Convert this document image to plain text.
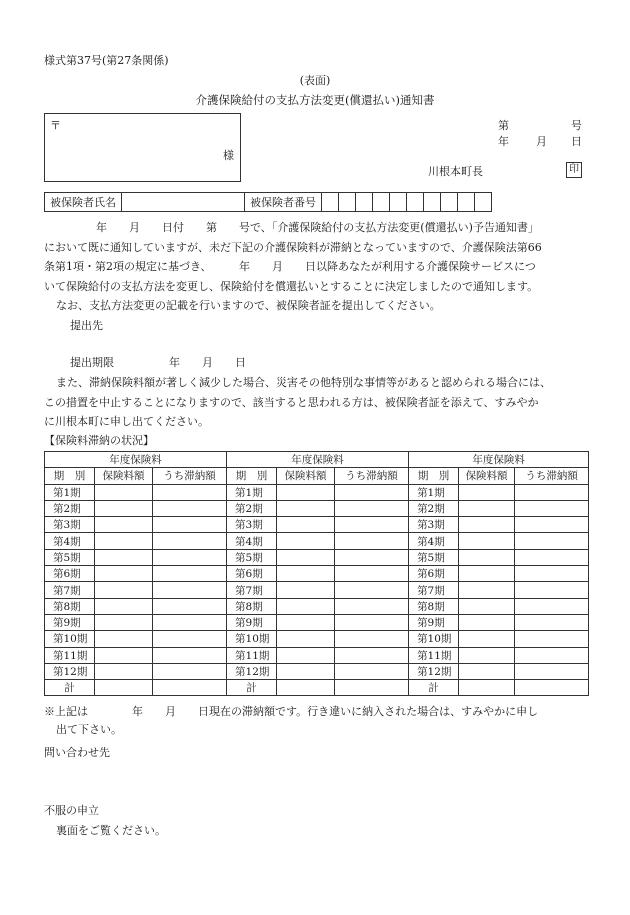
様式第37号(第27条関係)
(表面)
介護保険給付の支払方法変更(償還払い)通知書
〒
様
第	号
年 月 日
川根本町長	印
被保険者氏名		被保険者番号										

年　　月　　日付　　第　　号で、「介護保険給付の支払方法変更(償還払い)予告通知書」

において既に通知していますが、未だ下記の介護保険料が滞納となっていますので、介護保険法第66

条第1項・第2項の規定に基づき、　　　年　　月　　日以降あなたが利用する介護保険サービスにつ

いて保険給付の支払方法を変更し、保険給付を償還払いとすることに決定しましたので通知します。

なお、支払方法変更の記載を行いますので、被保険者証を提出してください。
提出先
提出期限　　　　　年　　月　　日

また、滞納保険料額が著しく減少した場合、災害その他特別な事情等があると認められる場合には、

この措置を中止することになりますので、該当すると思われる方は、被保険者証を添えて、すみやか

に川根本町に申し出てください。

【保険料滞納の状況】
年度保険料			年度保険料			年度保険料		
期　別	保険料額	うち滞納額	期　別	保険料額	うち滞納額	期　別	保険料額	うち滞納額
第1期			第1期			第1期		
第2期			第2期			第2期		
第3期			第3期			第3期		
第4期			第4期			第4期		
第5期			第5期			第5期		
第6期			第6期			第6期		
第7期			第7期			第7期		
第8期			第8期			第8期		
第9期			第9期			第9期		
第10期			第10期			第10期		
第11期			第11期			第11期		
第12期			第12期			第12期		
計			計			計		
※上記は　　　　年　　月　　日現在の滞納額です。行き違いに納入された場合は、すみやかに申し
出て下さい。
問い合わせ先
不服の申立
裏面をご覧ください。
